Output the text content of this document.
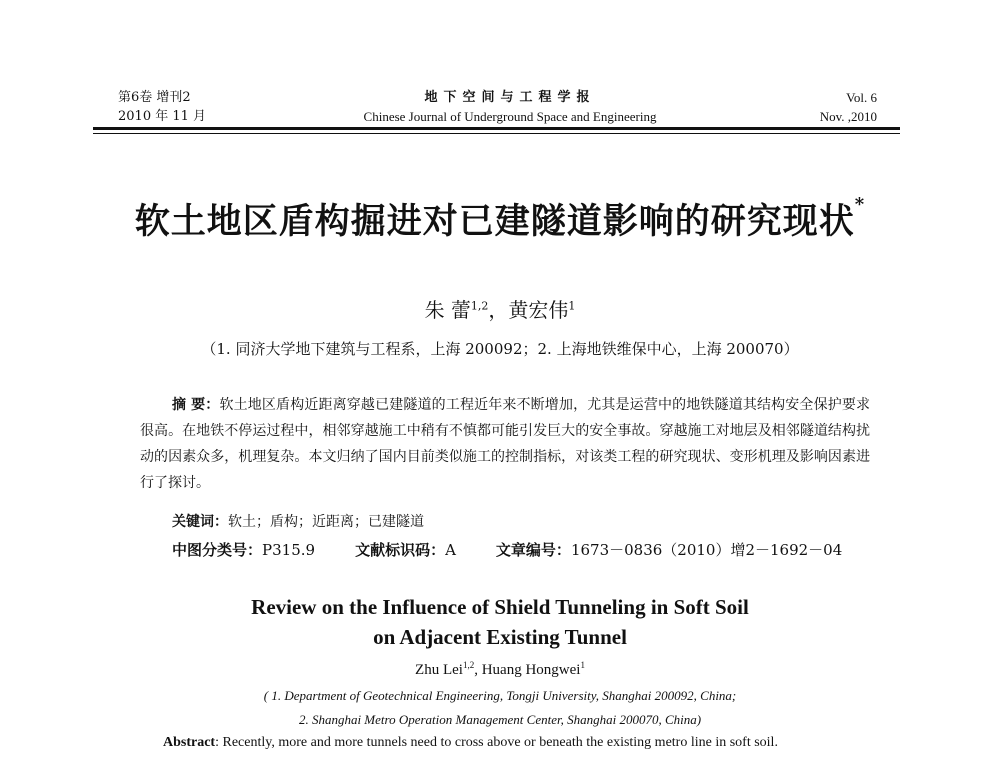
第6卷 增刊2
2010 年 11 月
地下空间与工程学报
Chinese Journal of Underground Space and Engineering
Vol. 6
Nov. ,2010
软土地区盾构掘进对已建隧道影响的研究现状*
朱 蕾$^{1,2}$，黄宏伟$^1$
（1. 同济大学地下建筑与工程系，上海 200092；2. 上海地铁维保中心，上海 200070）
摘 要：软土地区盾构近距离穿越已建隧道的工程近年来不断增加，尤其是运营中的地铁隧道其结构安全保护要求很高。在地铁不停运过程中，相邻穿越施工中稍有不慎都可能引发巨大的安全事故。穿越施工对地层及相邻隧道结构扰动的因素众多，机理复杂。本文归纳了国内目前类似施工的控制指标，对该类工程的研究现状、变形机理及影响因素进行了探讨。
关键词：软土；盾构；近距离；已建隧道
中图分类号：P315.9	文献标识码：A	文章编号：1673－0836（2010）增2－1692－04
Review on the Influence of Shield Tunneling in Soft Soil
on Adjacent Existing Tunnel
Zhu Lei$^{1,2}$, Huang Hongwei$^1$
( 1. Department of Geotechnical Engineering, Tongji University, Shanghai 200092, China;
2. Shanghai Metro Operation Management Center, Shanghai 200070, China)
Abstract: Recently, more and more tunnels need to cross above or beneath the existing metro line in soft soil.
